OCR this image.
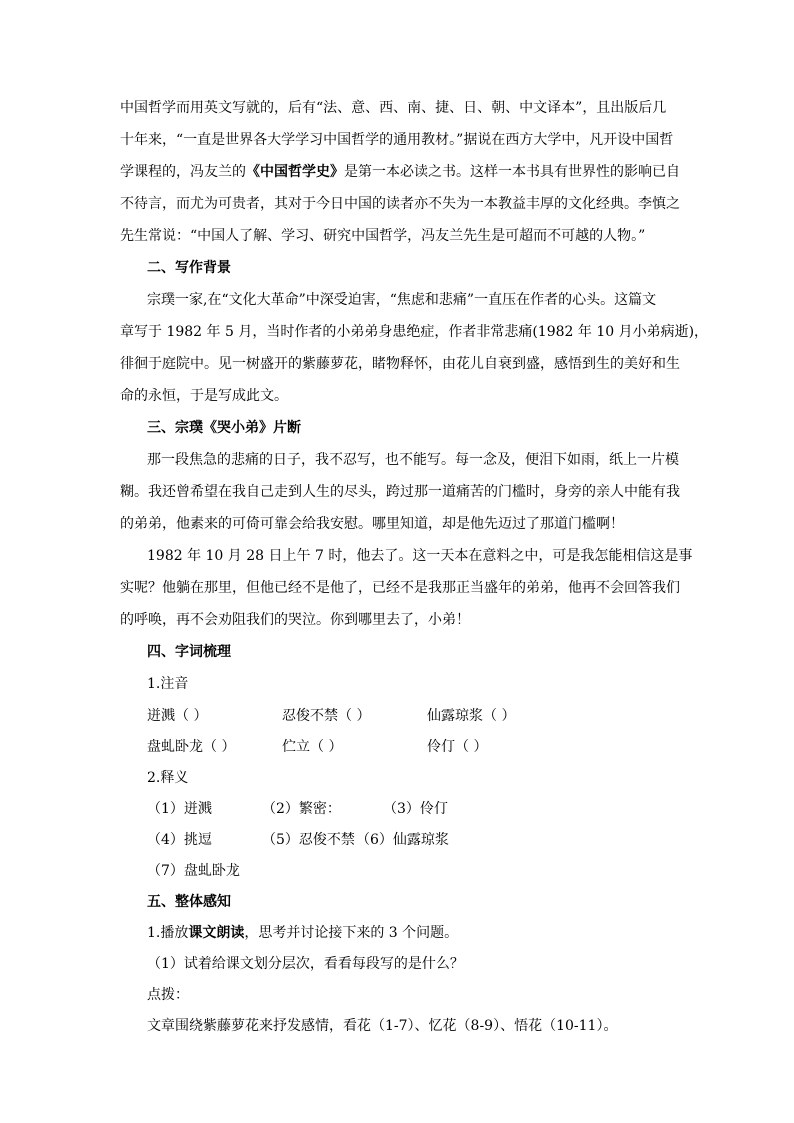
中国哲学而用英文写就的，后有“法、意、西、南、捷、日、朝、中文译本”，且出版后几
十年来，“一直是世界各大学学习中国哲学的通用教材。”据说在西方大学中，凡开设中国哲
学课程的，冯友兰的《中国哲学史》是第一本必读之书。这样一本书具有世界性的影响已自
不待言，而尤为可贵者，其对于今日中国的读者亦不失为一本教益丰厚的文化经典。李慎之
先生常说：“中国人了解、学习、研究中国哲学，冯友兰先生是可超而不可越的人物。”
二、写作背景
宗璞一家,在“文化大革命”中深受迫害，“焦虑和悲痛”一直压在作者的心头。这篇文
章写于 1982 年 5 月，当时作者的小弟弟身患绝症，作者非常悲痛(1982 年 10 月小弟病逝)，
徘徊于庭院中。见一树盛开的紫藤萝花，睹物释怀，由花儿自衰到盛，感悟到生的美好和生
命的永恒，于是写成此文。
三、宗璞《哭小弟》片断
那一段焦急的悲痛的日子，我不忍写，也不能写。每一念及，便泪下如雨，纸上一片模
糊。我还曾希望在我自己走到人生的尽头，跨过那一道痛苦的门槛时，身旁的亲人中能有我
的弟弟，他素来的可倚可靠会给我安慰。哪里知道，却是他先迈过了那道门槛啊！
1982 年 10 月 28 日上午 7 时，他去了。这一天本在意料之中，可是我怎能相信这是事
实呢？他躺在那里，但他已经不是他了，已经不是我那正当盛年的弟弟，他再不会回答我们
的呼唤，再不会劝阻我们的哭泣。你到哪里去了，小弟！
四、字词梳理
1.注音
迸溅（ ）	忍俊不禁（ ）	仙露琼浆（ ）
盘虬卧龙（ ）	伫立（ ）	伶仃（ ）
2.释义
（1）迸溅	（2）繁密：	（3）伶仃
（4）挑逗	（5）忍俊不禁 （6）仙露琼浆
（7）盘虬卧龙
五、整体感知
1.播放课文朗读，思考并讨论接下来的 3 个问题。
（1）试着给课文划分层次，看看每段写的是什么？
点拨：
文章围绕紫藤萝花来抒发感情，看花（1-7）、忆花（8-9）、悟花（10-11）。
